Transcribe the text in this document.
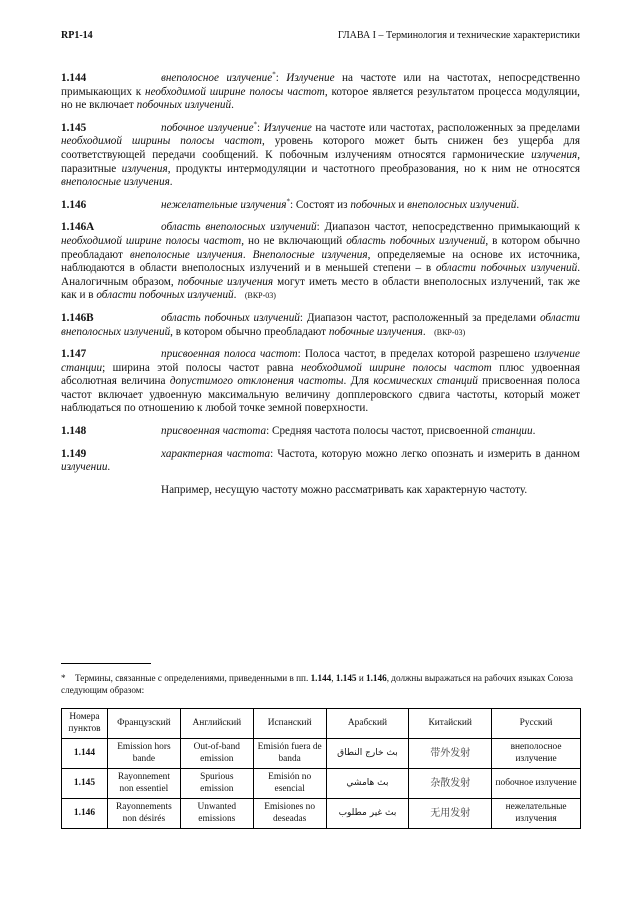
RP1-14	ГЛАВА I – Терминология и технические характеристики
1.144	внеполосное излучение*: Излучение на частоте или на частотах, непосредственно примыкающих к необходимой ширине полосы частот, которое является результатом процесса модуляции, но не включает побочных излучений.
1.145	побочное излучение*: Излучение на частоте или частотах, расположенных за пределами необходимой ширины полосы частот, уровень которого может быть снижен без ущерба для соответствующей передачи сообщений. К побочным излучениям относятся гармонические излучения, паразитные излучения, продукты интермодуляции и частотного преобразования, но к ним не относятся внеполосные излучения.
1.146	нежелательные излучения*: Состоят из побочных и внеполосных излучений.
1.146A	область внеполосных излучений: Диапазон частот, непосредственно примыкающий к необходимой ширине полосы частот, но не включающий область побочных излучений, в котором обычно преобладают внеполосные излучения. Внеполосные излучения, определяемые на основе их источника, наблюдаются в области внеполосных излучений и в меньшей степени – в области побочных излучений. Аналогичным образом, побочные излучения могут иметь место в области внеполосных излучений, так же как и в области побочных излучений. (ВКР-03)
1.146B	область побочных излучений: Диапазон частот, расположенный за пределами области внеполосных излучений, в котором обычно преобладают побочные излучения. (ВКР-03)
1.147	присвоенная полоса частот: Полоса частот, в пределах которой разрешено излучение станции; ширина этой полосы частот равна необходимой ширине полосы частот плюс удвоенная абсолютная величина допустимого отклонения частоты. Для космических станций присвоенная полоса частот включает удвоенную максимальную величину допплеровского сдвига частоты, который может наблюдаться по отношению к любой точке земной поверхности.
1.148	присвоенная частота: Средняя частота полосы частот, присвоенной станции.
1.149	характерная частота: Частота, которую можно легко опознать и измерить в данном излучении.
Например, несущую частоту можно рассматривать как характерную частоту.
* Термины, связанные с определениями, приведенными в пп. 1.144, 1.145 и 1.146, должны выражаться на рабочих языках Союза следующим образом:
Номера пунктов	Французский	Английский	Испанский	Арабский	Китайский	Русский
1.144	Emission hors bande	Out-of-band emission	Emisión fuera de banda	بث خارج النطاق	带外发射	внеполосное излучение
1.145	Rayonnement non essentiel	Spurious emission	Emisión no esencial	بث هامشي	杂散发射	побочное излучение
1.146	Rayonnements non désirés	Unwanted emissions	Emisiones no deseadas	بث غير مطلوب	无用发射	нежелательные излучения
